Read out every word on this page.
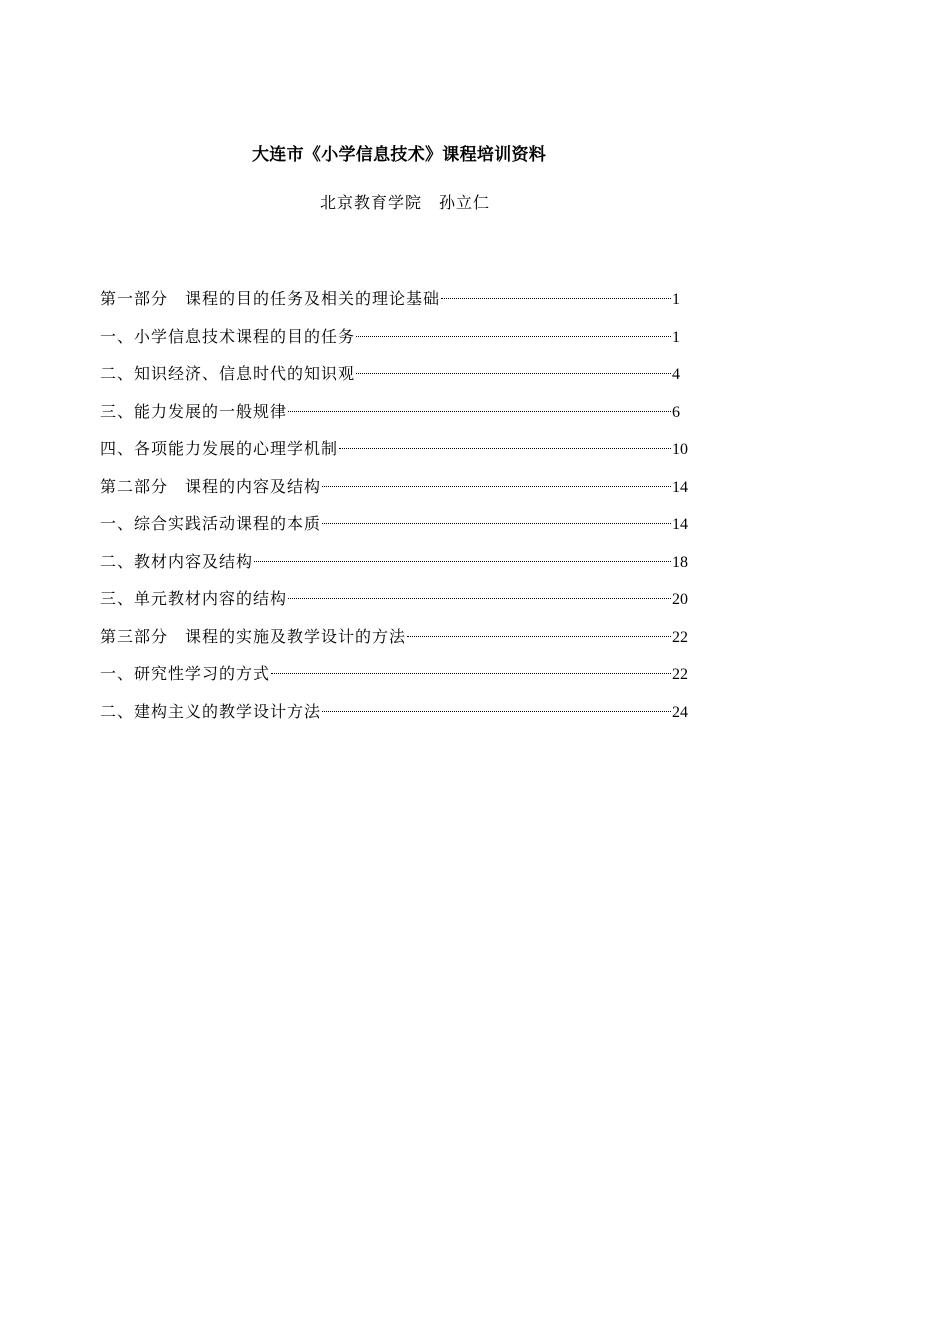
大连市《小学信息技术》课程培训资料
北京教育学院　孙立仁
第一部分　课程的目的任务及相关的理论基础	1
一、小学信息技术课程的目的任务	1
二、知识经济、信息时代的知识观	4
三、能力发展的一般规律	6
四、各项能力发展的心理学机制	10
第二部分　课程的内容及结构	14
一、综合实践活动课程的本质	14
二、教材内容及结构	18
三、单元教材内容的结构	20
第三部分　课程的实施及教学设计的方法	22
一、研究性学习的方式	22
二、建构主义的教学设计方法	24
